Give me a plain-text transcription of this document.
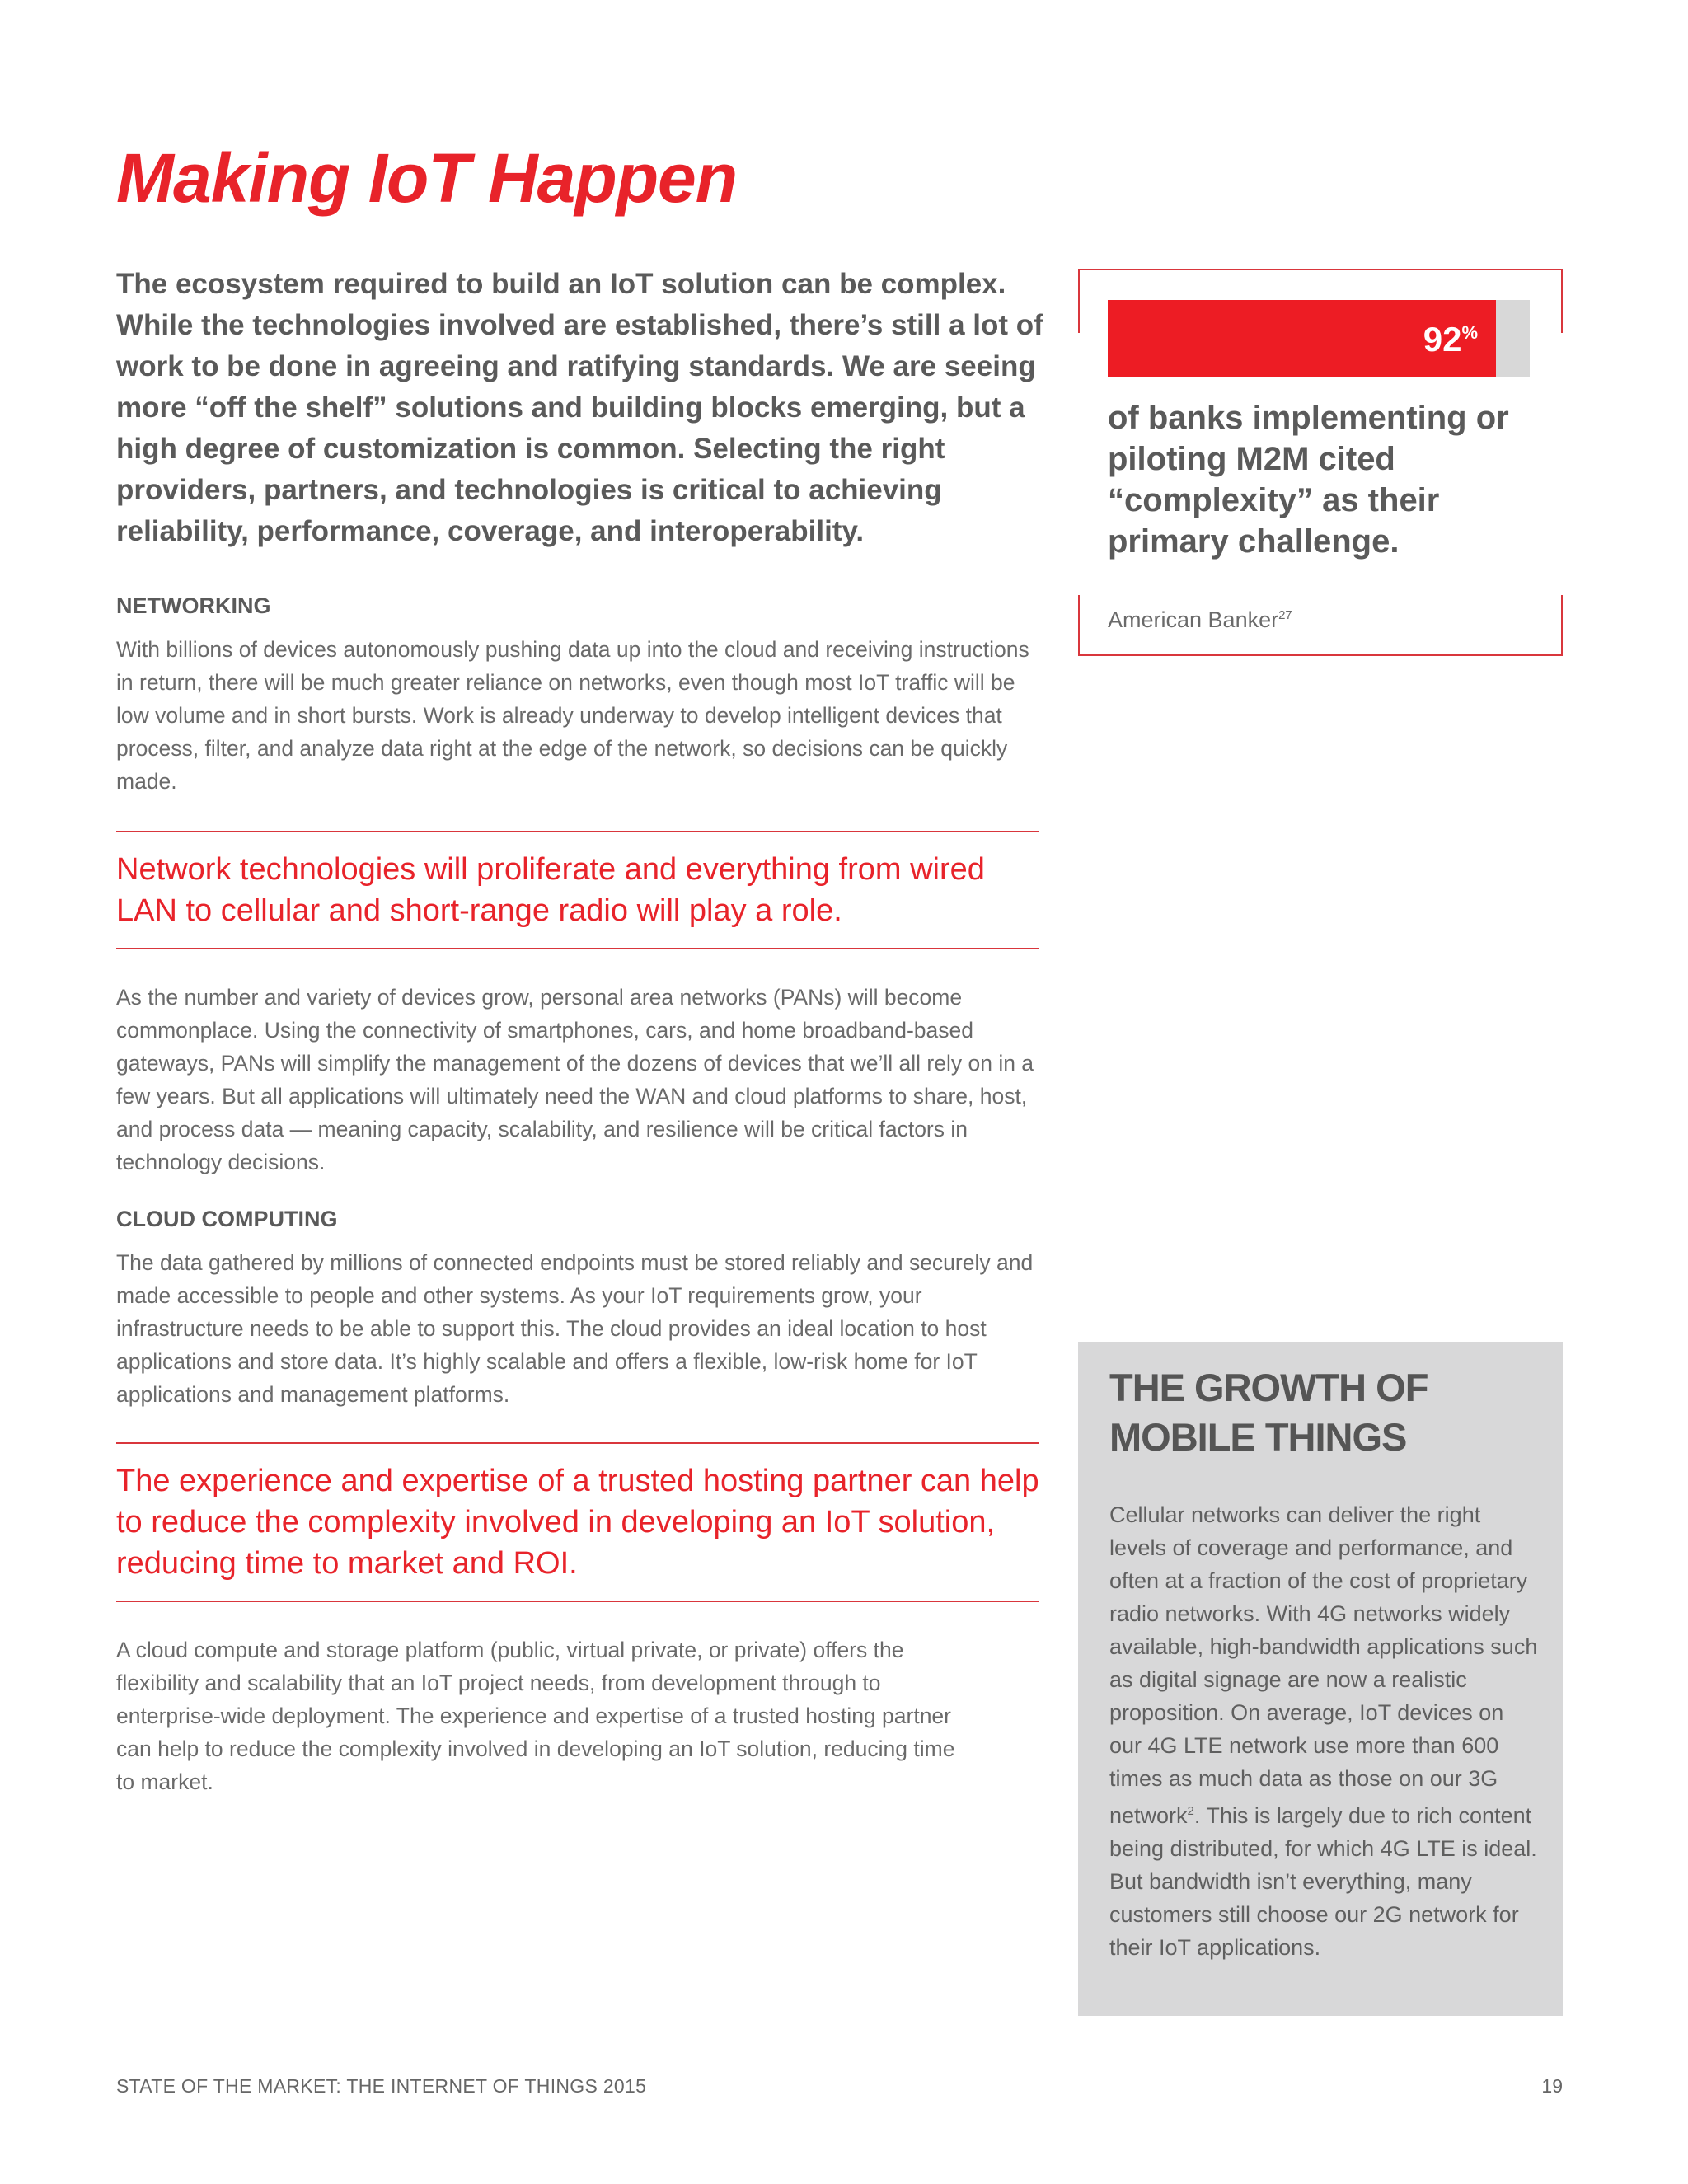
Making IoT Happen

The ecosystem required to build an IoT solution can be complex. While the technologies involved are established, there’s still a lot of work to be done in agreeing and ratifying standards. We are seeing more “off the shelf” solutions and building blocks emerging, but a high degree of customization is common. Selecting the right providers, partners, and technologies is critical to achieving reliability, performance, coverage, and interoperability.

NETWORKING

With billions of devices autonomously pushing data up into the cloud and receiving instructions in return, there will be much greater reliance on networks, even though most IoT traffic will be low volume and in short bursts. Work is already underway to develop intelligent devices that process, filter, and analyze data right at the edge of the network, so decisions can be quickly made.

Network technologies will proliferate and everything from wired LAN to cellular and short-range radio will play a role.

As the number and variety of devices grow, personal area networks (PANs) will become commonplace. Using the connectivity of smartphones, cars, and home broadband-based gateways, PANs will simplify the management of the dozens of devices that we’ll all rely on in a few years. But all applications will ultimately need the WAN and cloud platforms to share, host, and process data — meaning capacity, scalability, and resilience will be critical factors in technology decisions.

CLOUD COMPUTING

The data gathered by millions of connected endpoints must be stored reliably and securely and made accessible to people and other systems. As your IoT requirements grow, your infrastructure needs to be able to support this. The cloud provides an ideal location to host applications and store data. It’s highly scalable and offers a flexible, low-risk home for IoT applications and management platforms.

The experience and expertise of a trusted hosting partner can help to reduce the complexity involved in developing an IoT solution, reducing time to market and ROI.

A cloud compute and storage platform (public, virtual private, or private) offers the flexibility and scalability that an IoT project needs, from development through to enterprise-wide deployment. The experience and expertise of a trusted hosting partner can help to reduce the complexity involved in developing an IoT solution, reducing time to market.

92%

of banks implementing or piloting M2M cited “complexity” as their primary challenge.

American Banker$^{27}$

THE GROWTH OF MOBILE THINGS

Cellular networks can deliver the right levels of coverage and performance, and often at a fraction of the cost of proprietary radio networks. With 4G networks widely available, high-bandwidth applications such as digital signage are now a realistic proposition. On average, IoT devices on our 4G LTE network use more than 600 times as much data as those on our 3G network$^2$. This is largely due to rich content being distributed, for which 4G LTE is ideal. But bandwidth isn’t everything, many customers still choose our 2G network for their IoT applications.

STATE OF THE MARKET: THE INTERNET OF THINGS 2015	19
